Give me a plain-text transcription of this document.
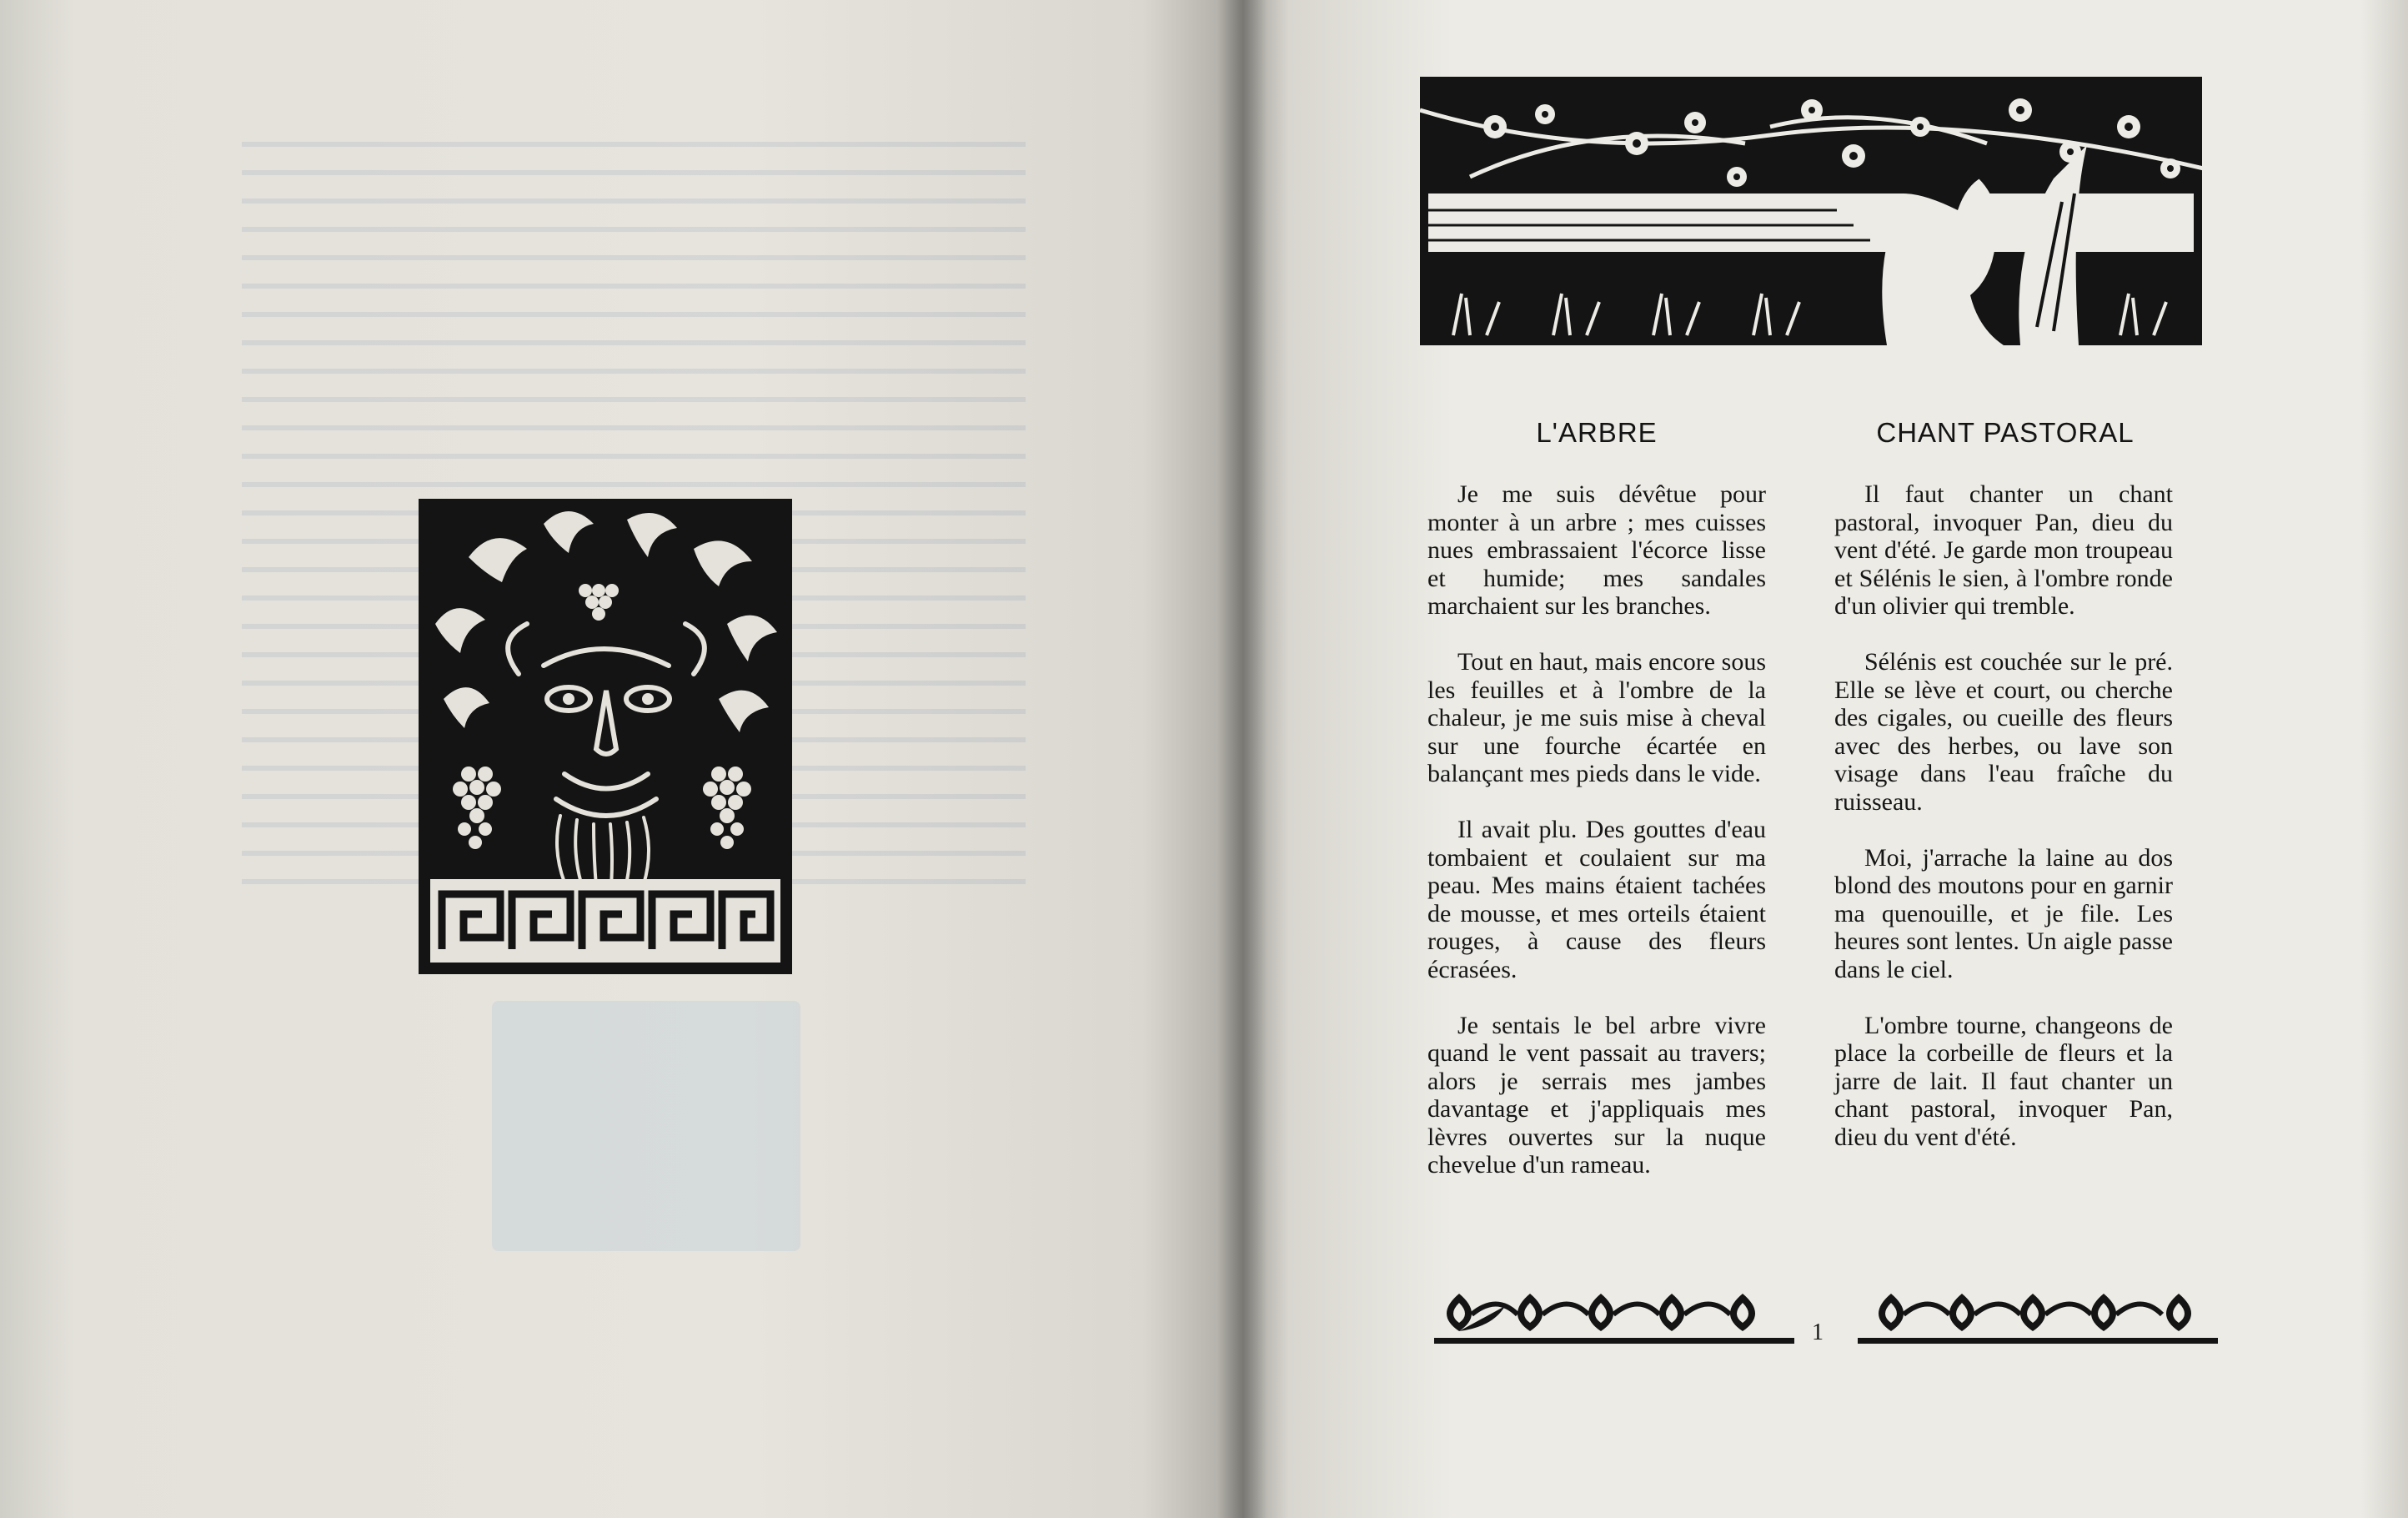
L'ARBRE

Je me suis dévêtue pour monter à un arbre ; mes cuisses nues embrassaient l'écorce lisse et humide; mes sandales marchaient sur les branches.

Tout en haut, mais encore sous les feuilles et à l'ombre de la chaleur, je me suis mise à cheval sur une fourche écartée en balançant mes pieds dans le vide.

Il avait plu. Des gouttes d'eau tombaient et coulaient sur ma peau. Mes mains étaient tachées de mousse, et mes orteils étaient rouges, à cause des fleurs écrasées.

Je sentais le bel arbre vivre quand le vent passait au travers; alors je serrais mes jambes davantage et j'appliquais mes lèvres ouvertes sur la nuque chevelue d'un rameau.

CHANT PASTORAL

Il faut chanter un chant pastoral, invoquer Pan, dieu du vent d'été. Je garde mon troupeau et Sélénis le sien, à l'ombre ronde d'un olivier qui tremble.

Sélénis est couchée sur le pré. Elle se lève et court, ou cherche des cigales, ou cueille des fleurs avec des herbes, ou lave son visage dans l'eau fraîche du ruisseau.

Moi, j'arrache la laine au dos blond des moutons pour en garnir ma quenouille, et je file. Les heures sont lentes. Un aigle passe dans le ciel.

L'ombre tourne, changeons de place la corbeille de fleurs et la jarre de lait. Il faut chanter un chant pastoral, invoquer Pan, dieu du vent d'été.

1
